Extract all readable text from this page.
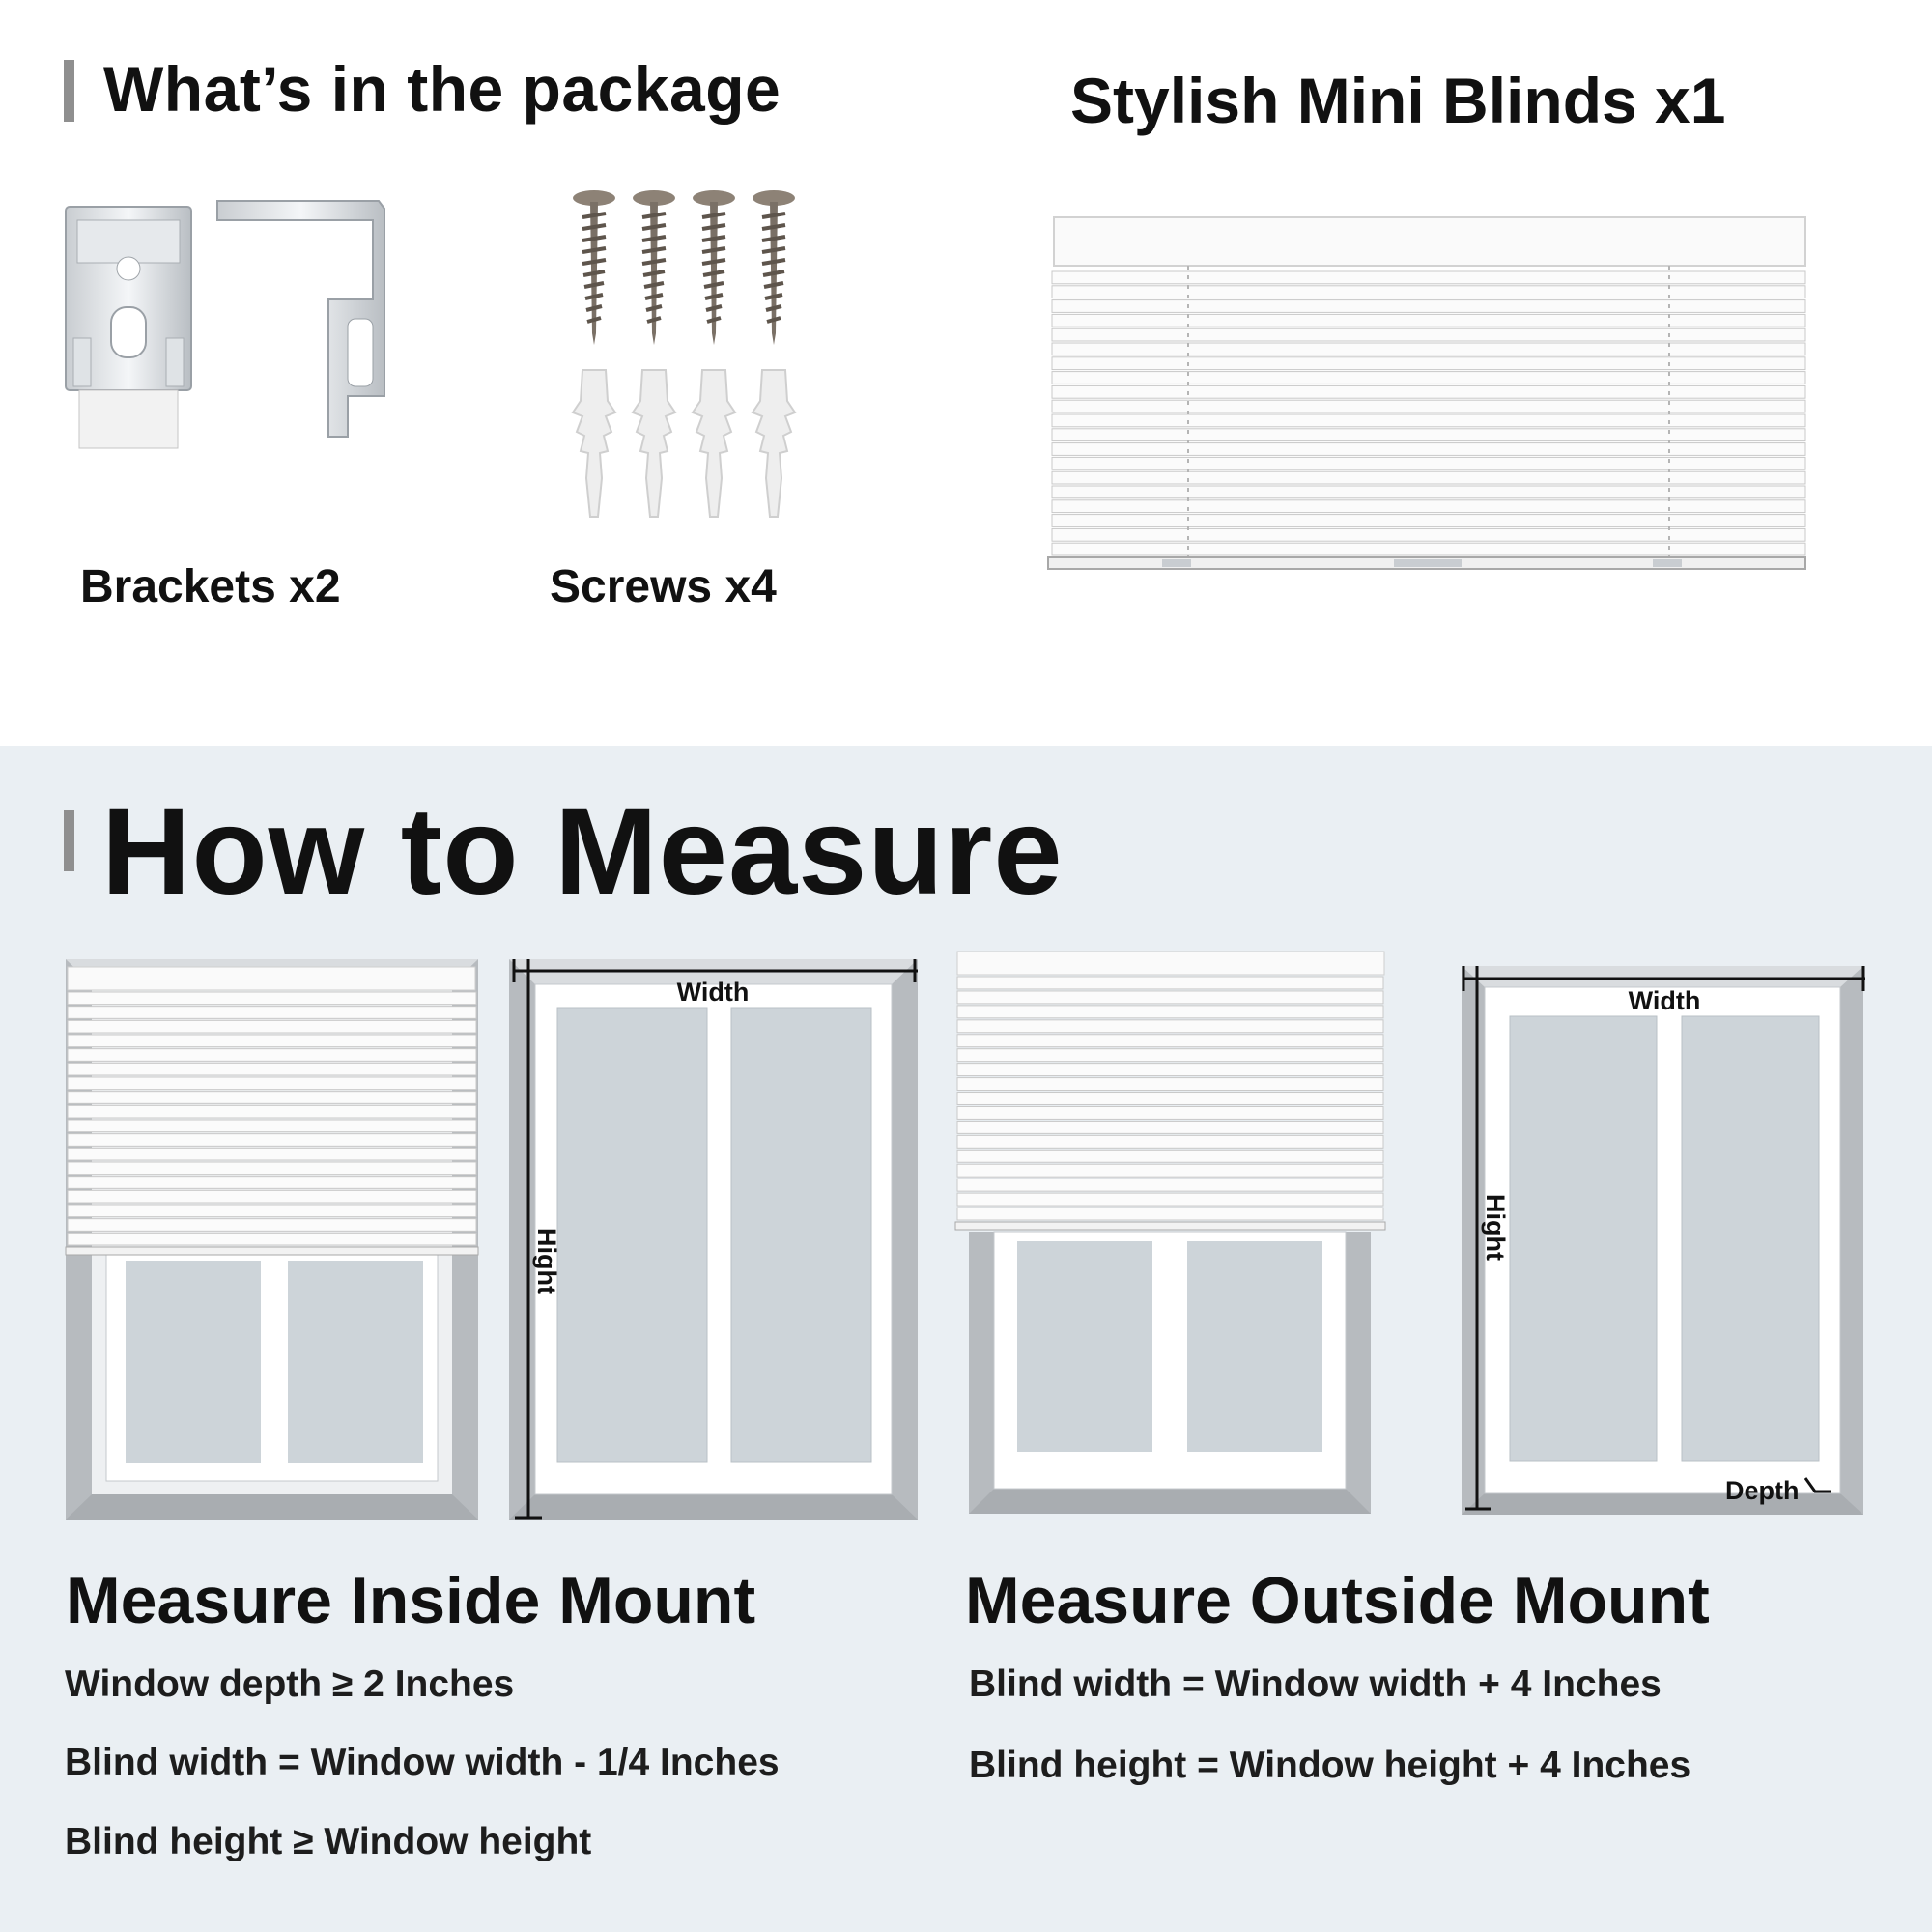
What’s in the package	Stylish Mini Blinds x1
Brackets x2	Screws x4
How to Measure
Width
Hight
Width
Hight
Depth
Measure Inside Mount
Window depth ≥ 2 Inches
Blind width = Window width - 1/4 Inches
Blind height ≥ Window height
Measure Outside Mount
Blind width = Window width + 4 Inches
Blind height = Window height + 4 Inches
